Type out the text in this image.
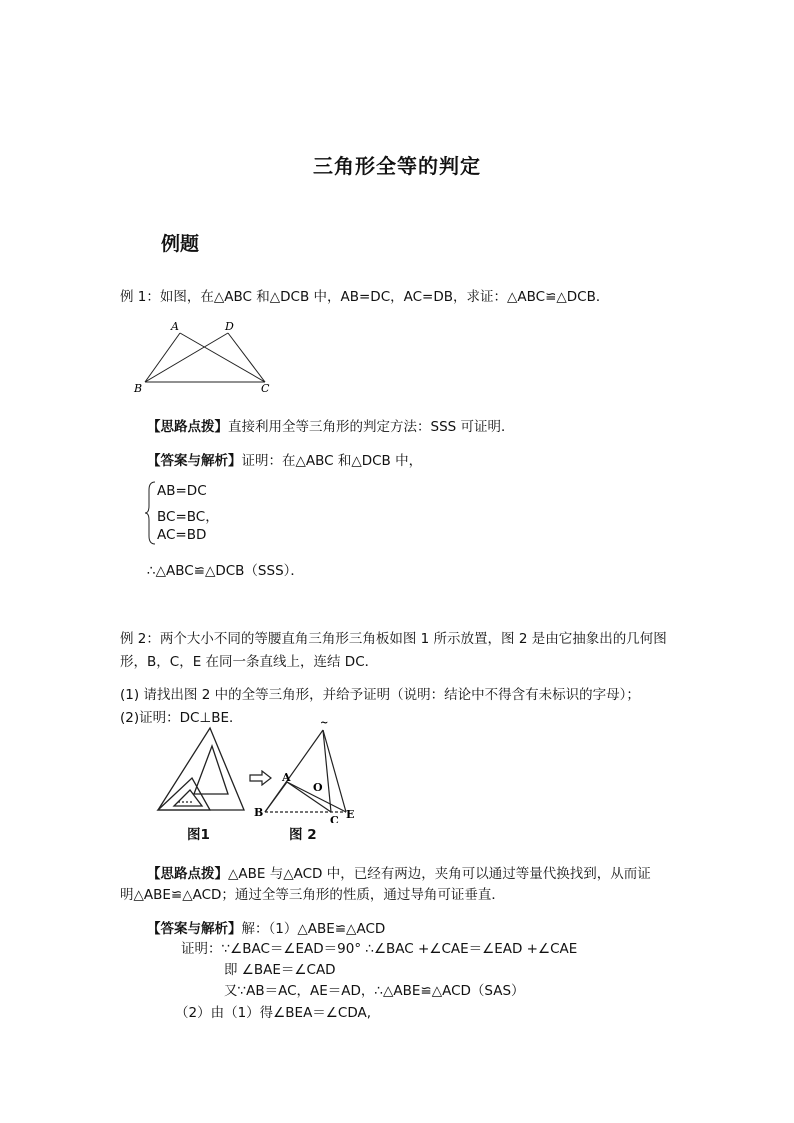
三角形全等的判定
例题
例 1：如图，在△ABC 和△DCB 中，AB=DC，AC=DB，求证：△ABC≌△DCB．
A	D
B	C
【思路点拨】直接利用全等三角形的判定方法：SSS 可证明．
【答案与解析】证明：在△ABC 和△DCB 中，
AB=DC
BC=BC，
AC=BD
∴△ABC≌△DCB（SSS）．
例 2：两个大小不同的等腰直角三角形三角板如图 1 所示放置，图 2 是由它抽象出的几何图
形，B，C，E 在同一条直线上，连结 DC．
(1) 请找出图 2 中的全等三角形，并给予证明（说明：结论中不得含有未标识的字母）；
(2)证明：DC⊥BE．	~
A
O
B
C E
图1	图 2
【思路点拨】△ABE 与△ACD 中，已经有两边，夹角可以通过等量代换找到，从而证
明△ABE≌△ACD；通过全等三角形的性质，通过导角可证垂直．
【答案与解析】解：（1）△ABE≌△ACD
证明：∵∠BAC＝∠EAD＝90° ∴∠BAC +∠CAE＝∠EAD +∠CAE
即 ∠BAE＝∠CAD
又∵AB＝AC，AE＝AD，∴△ABE≌△ACD（SAS）
（2）由（1）得∠BEA＝∠CDA,
